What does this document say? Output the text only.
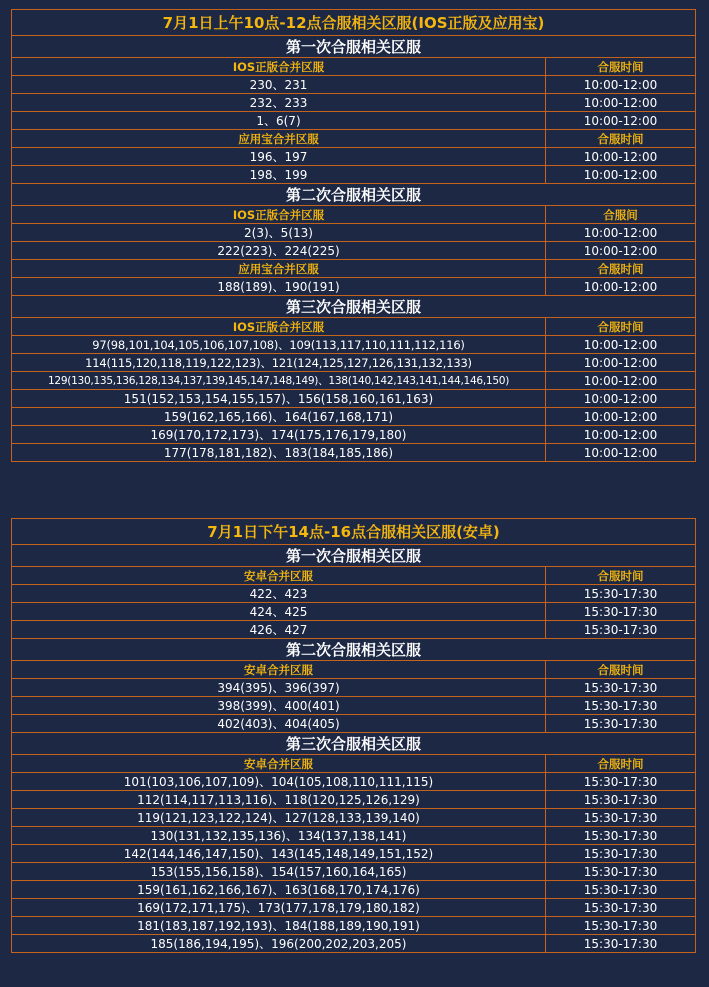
7月1日上午10点-12点合服相关区服(IOS正版及应用宝)	
第一次合服相关区服	
IOS正版合并区服	合服时间
230、231	10:00-12:00
232、233	10:00-12:00
1、6(7)	10:00-12:00
应用宝合并区服	合服时间
196、197	10:00-12:00
198、199	10:00-12:00
第二次合服相关区服	
IOS正版合并区服	合服间
2(3)、5(13)	10:00-12:00
222(223)、224(225)	10:00-12:00
应用宝合并区服	合服时间
188(189)、190(191)	10:00-12:00
第三次合服相关区服	
IOS正版合并区服	合服时间
97(98,101,104,105,106,107,108)、109(113,117,110,111,112,116)	10:00-12:00
114(115,120,118,119,122,123)、121(124,125,127,126,131,132,133)	10:00-12:00
129(130,135,136,128,134,137,139,145,147,148,149)、138(140,142,143,141,144,146,150)	10:00-12:00
151(152,153,154,155,157)、156(158,160,161,163)	10:00-12:00
159(162,165,166)、164(167,168,171)	10:00-12:00
169(170,172,173)、174(175,176,179,180)	10:00-12:00
177(178,181,182)、183(184,185,186)	10:00-12:00
7月1日下午14点-16点合服相关区服(安卓)	
第一次合服相关区服	
安卓合并区服	合服时间
422、423	15:30-17:30
424、425	15:30-17:30
426、427	15:30-17:30
第二次合服相关区服	
安卓合并区服	合服时间
394(395)、396(397)	15:30-17:30
398(399)、400(401)	15:30-17:30
402(403)、404(405)	15:30-17:30
第三次合服相关区服	
安卓合并区服	合服时间
101(103,106,107,109)、104(105,108,110,111,115)	15:30-17:30
112(114,117,113,116)、118(120,125,126,129)	15:30-17:30
119(121,123,122,124)、127(128,133,139,140)	15:30-17:30
130(131,132,135,136)、134(137,138,141)	15:30-17:30
142(144,146,147,150)、143(145,148,149,151,152)	15:30-17:30
153(155,156,158)、154(157,160,164,165)	15:30-17:30
159(161,162,166,167)、163(168,170,174,176)	15:30-17:30
169(172,171,175)、173(177,178,179,180,182)	15:30-17:30
181(183,187,192,193)、184(188,189,190,191)	15:30-17:30
185(186,194,195)、196(200,202,203,205)	15:30-17:30
